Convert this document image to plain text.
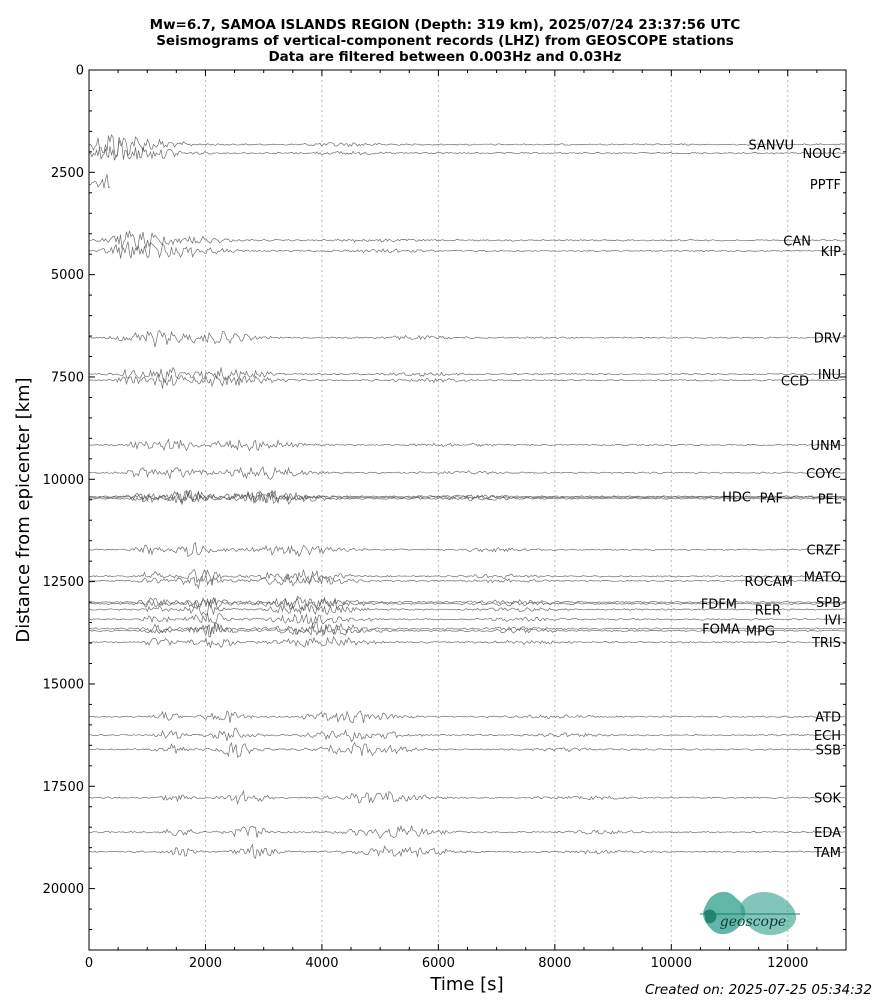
Mw=6.7, SAMOA ISLANDS REGION (Depth: 319 km), 2025/07/24 23:37:56 UTC
Seismograms of vertical-component records (LHZ) from GEOSCOPE stations
Data are filtered between 0.003Hz and 0.03Hz
0	2000	4000	6000	8000	10000	12000
0
2500
5000
7500
10000
12500
15000
17500
20000
SANVU
NOUC
PPTF
CAN
KIP
DRV
INU
CCD
UNM
COYC
HDC PAF	PEL
CRZF
MATO
ROCAM
SPB
FDFM RER
IVI
FOMA MPG
TRIS
ATD
ECH
SSB
SOK
EDA
TAM
Time [s]
Distance from epicenter [km]
geoscope
Created on: 2025-07-25 05:34:32
